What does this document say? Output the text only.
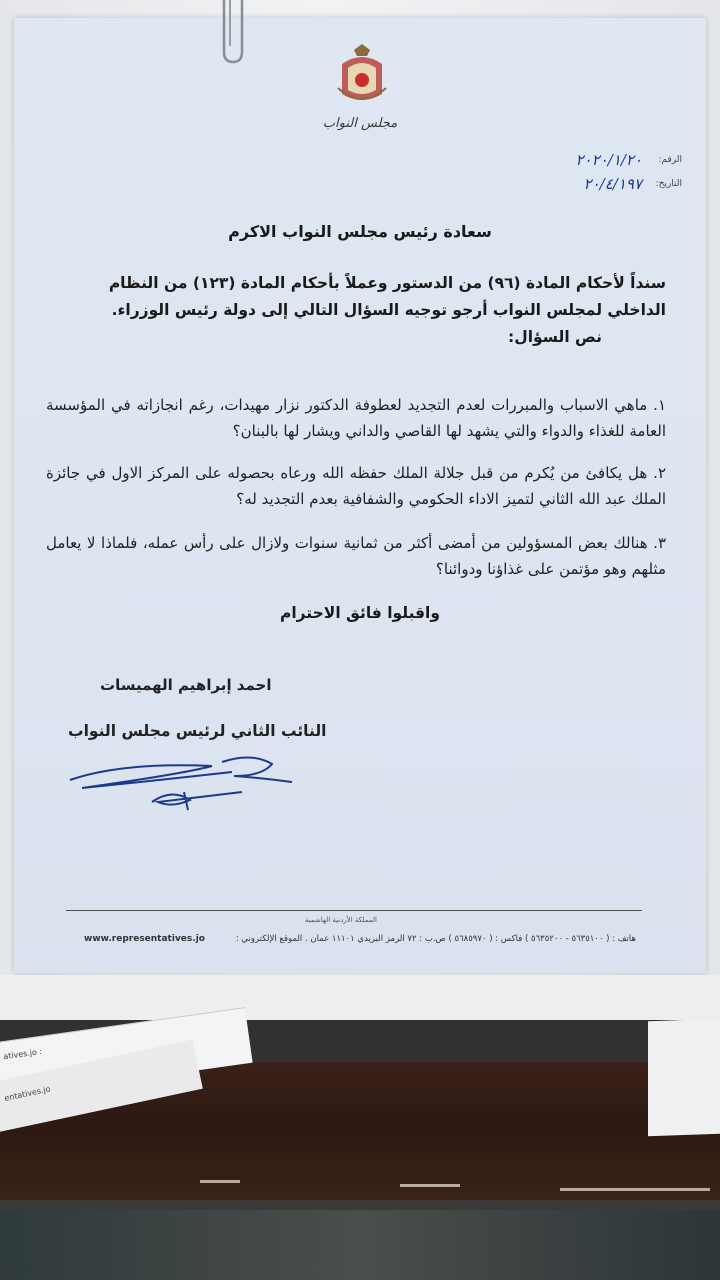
مجلس النواب
الرقم:
٢٠٢٠/١/٢٠
التاريخ:
٢٠/٤/١٩٧
سعادة رئيس مجلس النواب الاكرم
سنداً لأحكام المادة (٩٦) من الدستور وعملاً بأحكام المادة (١٢٣) من النظام الداخلي لمجلس النواب أرجو توجيه السؤال التالي إلى دولة رئيس الوزراء.
نص السؤال:
١. ماهي الاسباب والمبررات لعدم التجديد لعطوفة الدكتور نزار مهيدات، رغم انجازاته في المؤسسة العامة للغذاء والدواء والتي يشهد لها القاصي والداني ويشار لها بالبنان؟
٢. هل يكافئ من يُكرم من قبل جلالة الملك حفظه الله ورعاه بحصوله على المركز الاول في جائزة الملك عبد الله الثاني لتميز الاداء الحكومي والشفافية بعدم التجديد له؟
٣. هنالك بعض المسؤولين من أمضى أكثر من ثمانية سنوات ولازال على رأس عمله، فلماذا لا يعامل مثلهم وهو مؤتمن على غذاؤنا ودوائنا؟
واقبلوا فائق الاحترام
احمد إبراهيم الهميسات
النائب الثاني لرئيس مجلس النواب
المملكة الأردنية الهاشمية
هاتف : ( ٥٦٣٥١٠٠ - ٥٦٣٥٢٠٠ ) فاكس : ( ٥٦٨٥٩٧٠ ) ص.ب : ٧٢ الرمز البريدي ١١١٠١ عمان . الموقع الإلكتروني :
www.representatives.jo
atives.jo :
entatives.jo
